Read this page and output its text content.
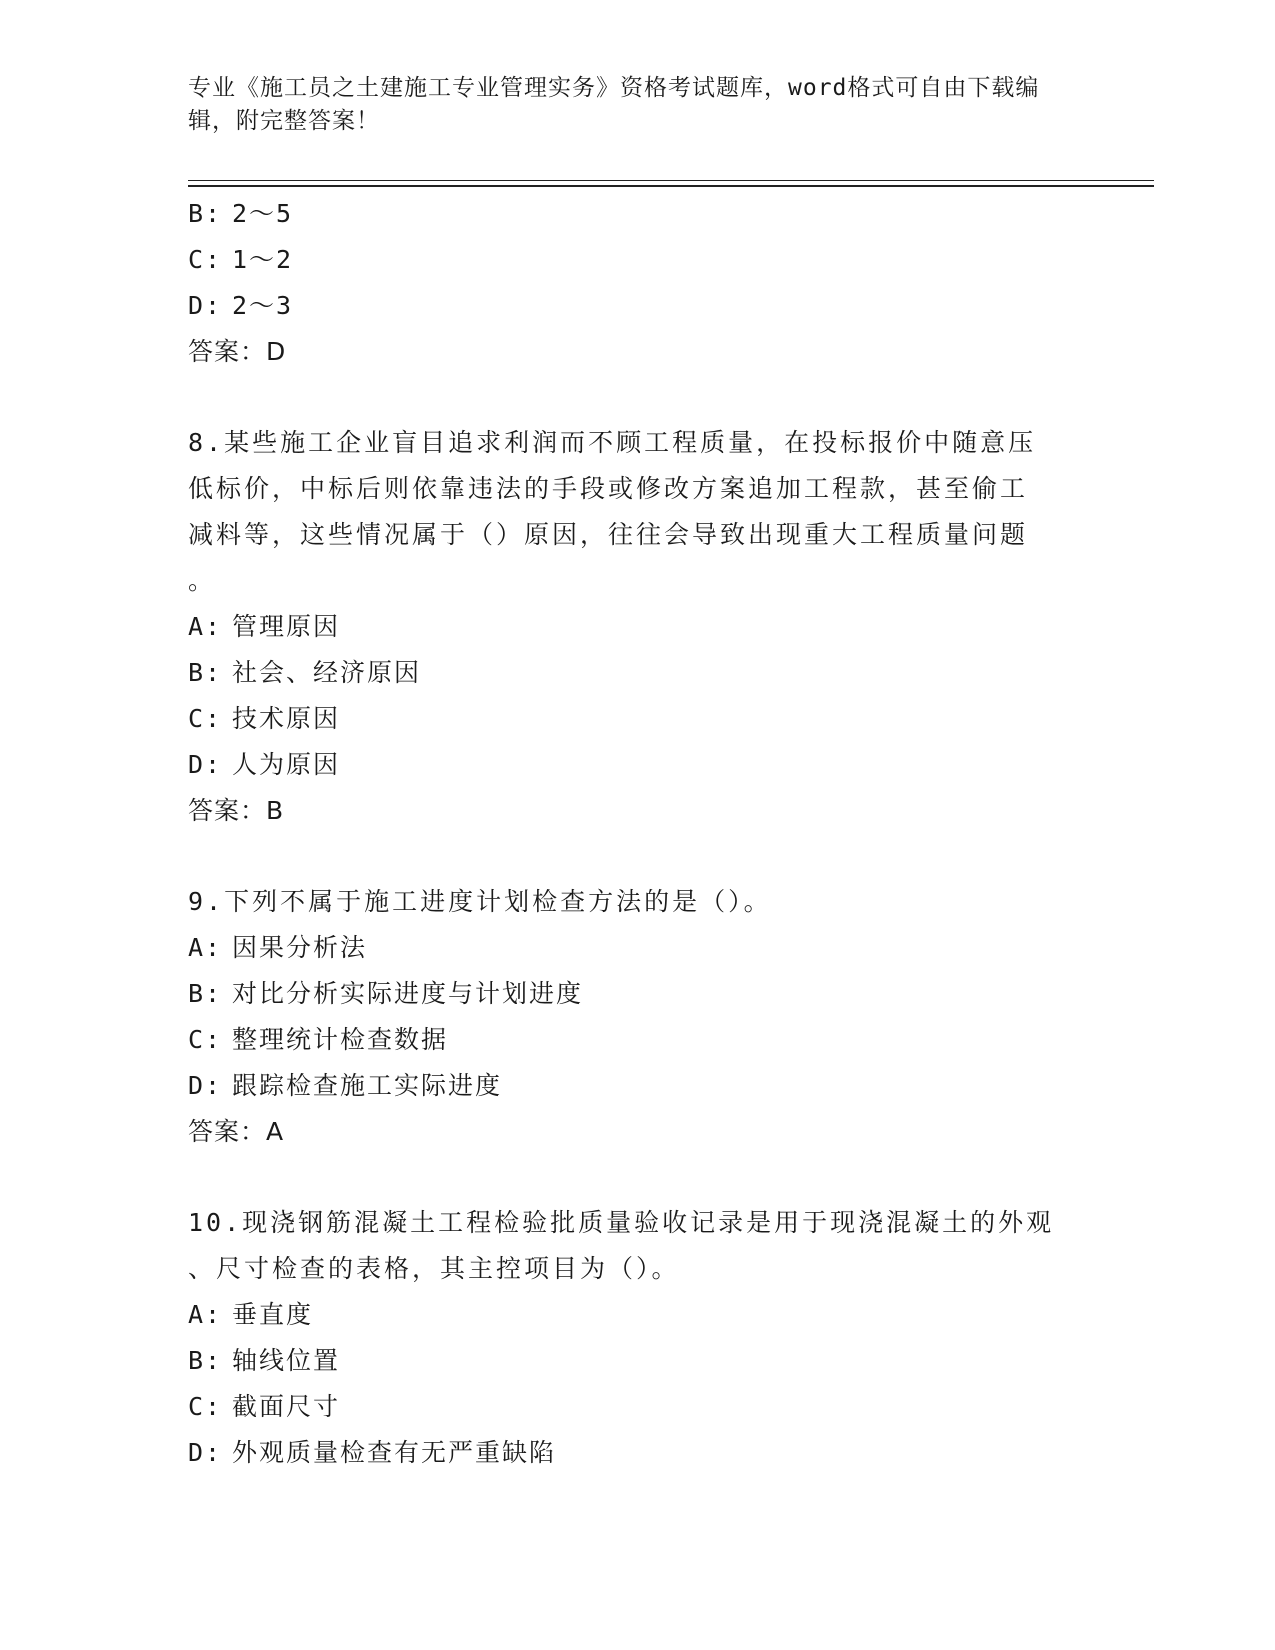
专业《施工员之土建施工专业管理实务》资格考试题库，word格式可自由下载编
辑，附完整答案！
B: 2～5
C: 1～2
D: 2～3
答案：D
8.某些施工企业盲目追求利润而不顾工程质量，在投标报价中随意压
低标价，中标后则依靠违法的手段或修改方案追加工程款，甚至偷工
减料等，这些情况属于（）原因，往往会导致出现重大工程质量问题
。
A: 管理原因
B: 社会、经济原因
C: 技术原因
D: 人为原因
答案：B
9.下列不属于施工进度计划检查方法的是（）。
A: 因果分析法
B: 对比分析实际进度与计划进度
C: 整理统计检查数据
D: 跟踪检查施工实际进度
答案：A
10.现浇钢筋混凝土工程检验批质量验收记录是用于现浇混凝土的外观
、尺寸检查的表格，其主控项目为（）。
A: 垂直度
B: 轴线位置
C: 截面尺寸
D: 外观质量检查有无严重缺陷
